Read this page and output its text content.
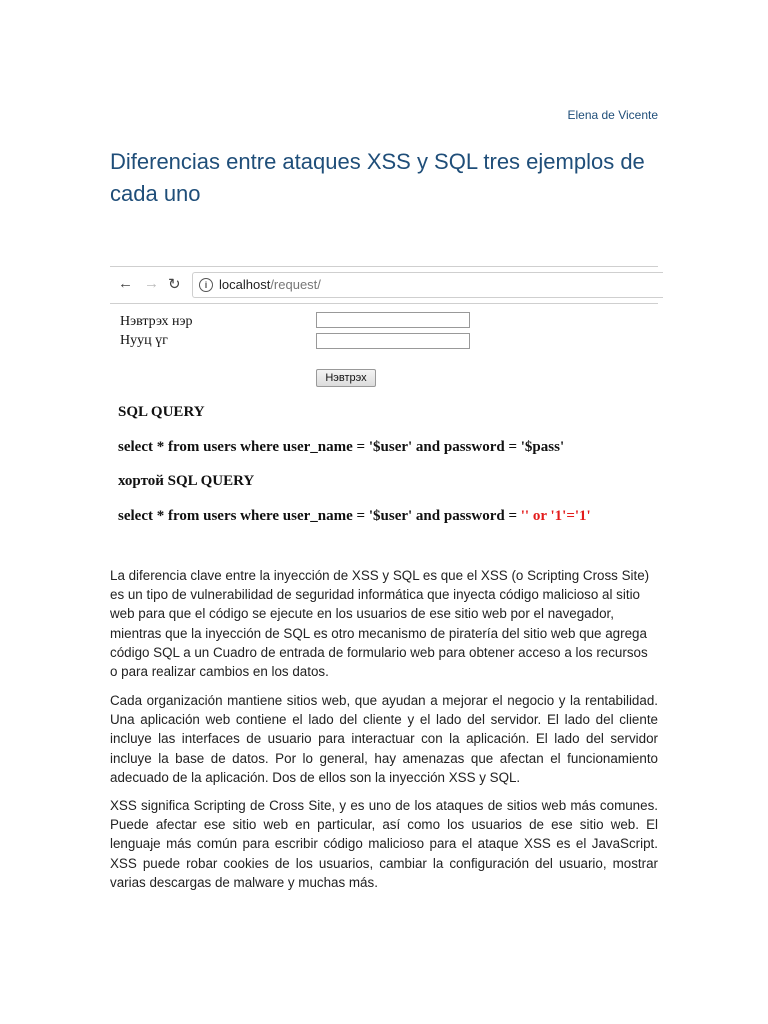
Elena de Vicente
Diferencias entre ataques XSS y SQL tres ejemplos de cada uno
← → ↻	i localhost/request/
Нэвтрэх нэр
Нууц үг
Нэвтрэх
SQL QUERY
select * from users where user_name = '$user' and password = '$pass'
хортой SQL QUERY
select * from users where user_name = '$user' and password = '' or '1'='1'

La diferencia clave entre la inyección de XSS y SQL es que el XSS (o Scripting Cross Site) es un tipo de vulnerabilidad de seguridad informática que inyecta código malicioso al sitio web para que el código se ejecute en los usuarios de ese sitio web por el navegador, mientras que la inyección de SQL es otro mecanismo de piratería del sitio web que agrega código SQL a un Cuadro de entrada de formulario web para obtener acceso a los recursos o para realizar cambios en los datos.

Cada organización mantiene sitios web, que ayudan a mejorar el negocio y la rentabilidad. Una aplicación web contiene el lado del cliente y el lado del servidor. El lado del cliente incluye las interfaces de usuario para interactuar con la aplicación. El lado del servidor incluye la base de datos. Por lo general, hay amenazas que afectan el funcionamiento adecuado de la aplicación. Dos de ellos son la inyección XSS y SQL.

XSS significa Scripting de Cross Site, y es uno de los ataques de sitios web más comunes. Puede afectar ese sitio web en particular, así como los usuarios de ese sitio web. El lenguaje más común para escribir código malicioso para el ataque XSS es el JavaScript. XSS puede robar cookies de los usuarios, cambiar la configuración del usuario, mostrar varias descargas de malware y muchas más.
